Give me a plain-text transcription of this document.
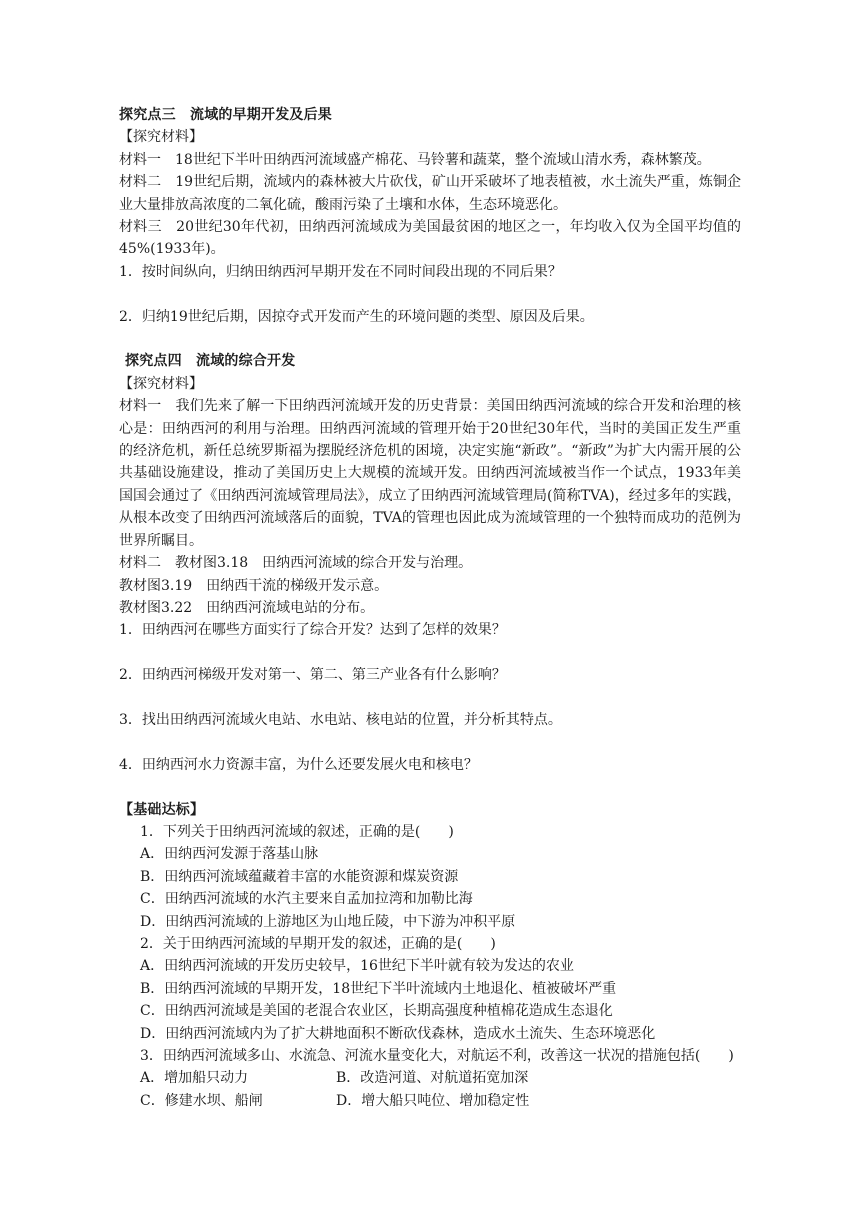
探究点三　流域的早期开发及后果

【探究材料】

材料一　18世纪下半叶田纳西河流域盛产棉花、马铃薯和蔬菜，整个流域山清水秀，森林繁茂。

材料二　19世纪后期，流域内的森林被大片砍伐，矿山开采破坏了地表植被，水土流失严重，炼铜企业大量排放高浓度的二氧化硫，酸雨污染了土壤和水体，生态环境恶化。

材料三　20世纪30年代初，田纳西河流域成为美国最贫困的地区之一，年均收入仅为全国平均值的45%(1933年)。

1．按时间纵向，归纳田纳西河早期开发在不同时间段出现的不同后果？

2．归纳19世纪后期，因掠夺式开发而产生的环境问题的类型、原因及后果。

探究点四　流域的综合开发

【探究材料】

材料一　我们先来了解一下田纳西河流域开发的历史背景：美国田纳西河流域的综合开发和治理的核心是：田纳西河的利用与治理。田纳西河流域的管理开始于20世纪30年代，当时的美国正发生严重的经济危机，新任总统罗斯福为摆脱经济危机的困境，决定实施“新政”。“新政”为扩大内需开展的公共基础设施建设，推动了美国历史上大规模的流域开发。田纳西河流域被当作一个试点，1933年美国国会通过了《田纳西河流域管理局法》，成立了田纳西河流域管理局(简称TVA)，经过多年的实践，从根本改变了田纳西河流域落后的面貌，TVA的管理也因此成为流域管理的一个独特而成功的范例为世界所瞩目。

材料二　教材图3.18　田纳西河流域的综合开发与治理。

教材图3.19　田纳西干流的梯级开发示意。

教材图3.22　田纳西河流域电站的分布。

1．田纳西河在哪些方面实行了综合开发？达到了怎样的效果？

2．田纳西河梯级开发对第一、第二、第三产业各有什么影响？

3．找出田纳西河流域火电站、水电站、核电站的位置，并分析其特点。

4．田纳西河水力资源丰富，为什么还要发展火电和核电？

【基础达标】

1．下列关于田纳西河流域的叙述，正确的是(　　)

A．田纳西河发源于落基山脉

B．田纳西河流域蕴藏着丰富的水能资源和煤炭资源

C．田纳西河流域的水汽主要来自孟加拉湾和加勒比海

D．田纳西河流域的上游地区为山地丘陵，中下游为冲积平原

2．关于田纳西河流域的早期开发的叙述，正确的是(　　)

A．田纳西河流域的开发历史较早，16世纪下半叶就有较为发达的农业

B．田纳西河流域的早期开发，18世纪下半叶流域内土地退化、植被破坏严重

C．田纳西河流域是美国的老混合农业区，长期高强度种植棉花造成生态退化

D．田纳西河流域内为了扩大耕地面积不断砍伐森林，造成水土流失、生态环境恶化

3．田纳西河流域多山、水流急、河流水量变化大，对航运不利，改善这一状况的措施包括(　　)

A．增加船只动力	B．改造河道、对航道拓宽加深

C．修建水坝、船闸	D．增大船只吨位、增加稳定性
